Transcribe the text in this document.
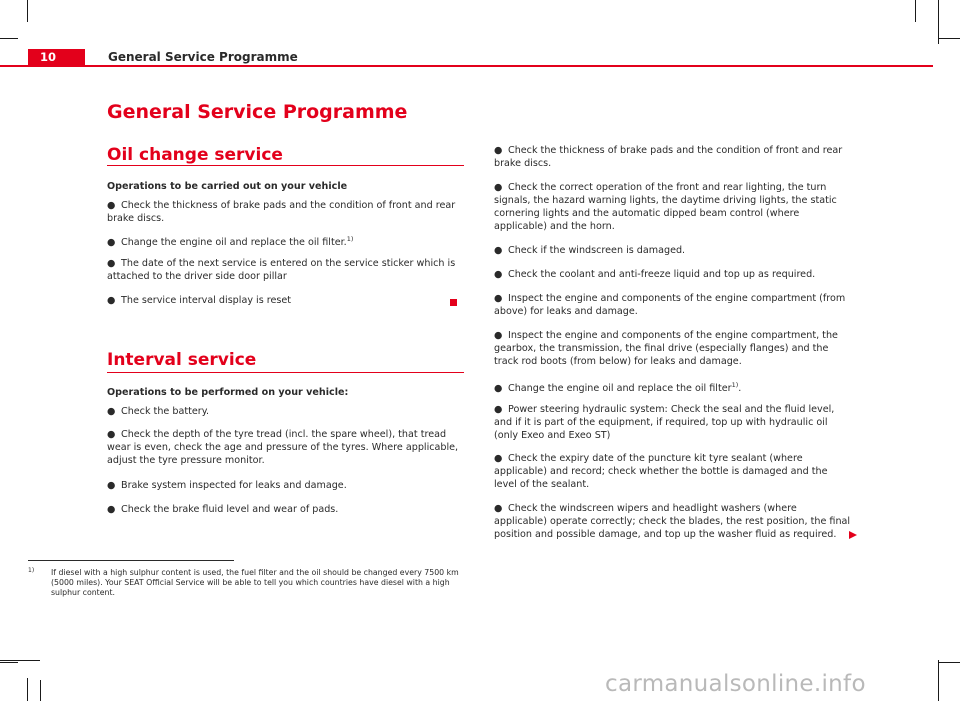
10	General Service Programme
General Service Programme
Oil change service
Operations to be carried out on your vehicle
● Check the thickness of brake pads and the condition of front and rear brake discs.
● Change the engine oil and replace the oil filter.$^{1)}$
● The date of the next service is entered on the service sticker which is attached to the driver side door pillar
● The service interval display is reset
Interval service
Operations to be performed on your vehicle:
● Check the battery.
● Check the depth of the tyre tread (incl. the spare wheel), that tread wear is even, check the age and pressure of the tyres. Where applicable, adjust the tyre pressure monitor.
● Brake system inspected for leaks and damage.
● Check the brake fluid level and wear of pads.
● Check the thickness of brake pads and the condition of front and rear brake discs.
● Check the correct operation of the front and rear lighting, the turn signals, the hazard warning lights, the daytime driving lights, the static cornering lights and the automatic dipped beam control (where applicable) and the horn.
● Check if the windscreen is damaged.
● Check the coolant and anti-freeze liquid and top up as required.
● Inspect the engine and components of the engine compartment (from above) for leaks and damage.
● Inspect the engine and components of the engine compartment, the gearbox, the transmission, the final drive (especially flanges) and the track rod boots (from below) for leaks and damage.
● Change the engine oil and replace the oil filter$^{1)}$.
● Power steering hydraulic system: Check the seal and the fluid level, and if it is part of the equipment, if required, top up with hydraulic oil (only Exeo and Exeo ST)
● Check the expiry date of the puncture kit tyre sealant (where applicable) and record; check whether the bottle is damaged and the level of the sealant.
● Check the windscreen wipers and headlight washers (where applicable) operate correctly; check the blades, the rest position, the final position and possible damage, and top up the washer fluid as required.
1) If diesel with a high sulphur content is used, the fuel filter and the oil should be changed every 7500 km (5000 miles). Your SEAT Official Service will be able to tell you which countries have diesel with a high sulphur content.
carmanualsonline.info
